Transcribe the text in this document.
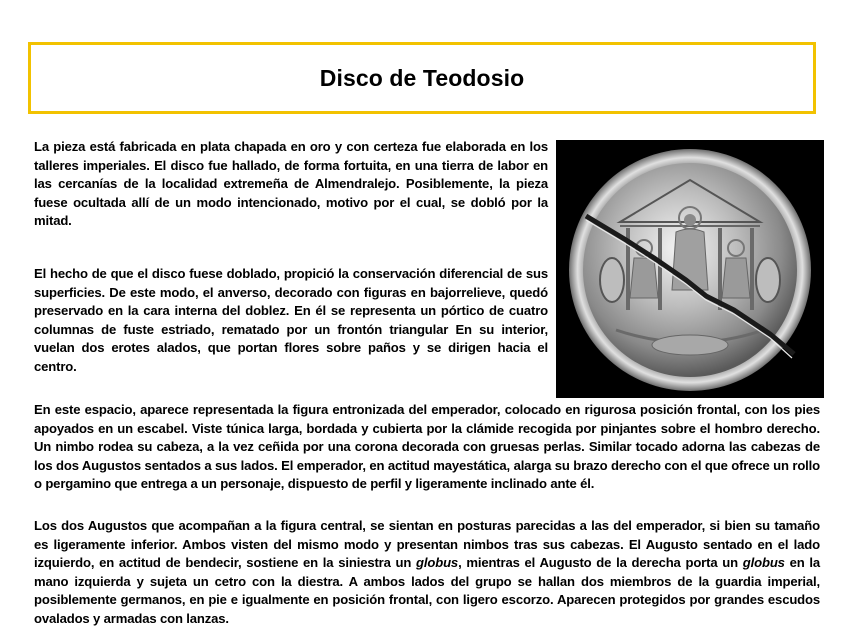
Disco de Teodosio

La pieza está fabricada en plata chapada en oro y con certeza fue elaborada en los talleres imperiales. El disco fue hallado, de forma fortuita, en una tierra de labor en las cercanías de la localidad extremeña de Almendralejo. Posiblemente, la pieza fuese ocultada allí de un modo intencionado, motivo por el cual, se dobló por la mitad.

El hecho de que el disco fuese doblado, propició la conservación diferencial de sus superficies. De este modo, el anverso, decorado con figuras en bajorrelieve, quedó preservado en la cara interna del doblez. En él se representa un pórtico de cuatro columnas de fuste estriado, rematado por un frontón triangular En su interior, vuelan dos erotes alados, que portan flores sobre paños y se dirigen hacia el centro.

En este espacio, aparece representada la figura entronizada del emperador, colocado en rigurosa posición frontal, con los pies apoyados en un escabel. Viste túnica larga, bordada y cubierta por la clámide recogida por pinjantes sobre el hombro derecho. Un nimbo rodea su cabeza, a la vez ceñida por una corona decorada con gruesas perlas. Similar tocado adorna las cabezas de los dos Augustos sentados a sus lados. El emperador, en actitud mayestática, alarga su brazo derecho con el que ofrece un rollo o pergamino que entrega a un personaje, dispuesto de perfil y ligeramente inclinado ante él.

Los dos Augustos que acompañan a la figura central, se sientan en posturas parecidas a las del emperador, si bien su tamaño es ligeramente inferior. Ambos visten del mismo modo y presentan nimbos tras sus cabezas. El Augusto sentado en el lado izquierdo, en actitud de bendecir, sostiene en la siniestra un globus, mientras el Augusto de la derecha porta un globus en la mano izquierda y sujeta un cetro con la diestra. A ambos lados del grupo se hallan dos miembros de la guardia imperial, posiblemente germanos, en pie e igualmente en posición frontal, con ligero escorzo. Aparecen protegidos por grandes escudos ovalados y armadas con lanzas.
